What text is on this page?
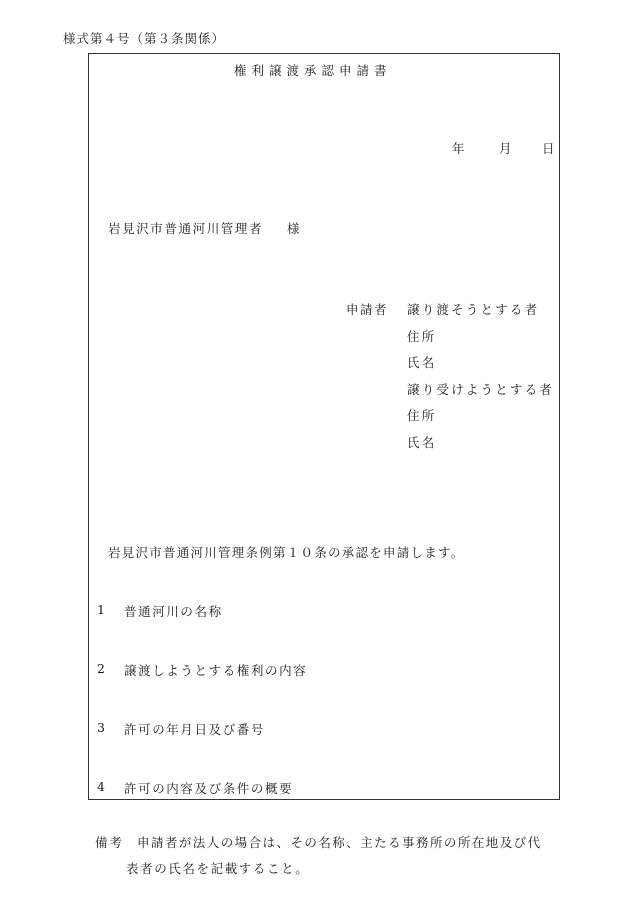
様式第４号（第３条関係）
権利譲渡承認申請書
年	月 日
岩見沢市普通河川管理者 様
申請者 譲り渡そうとする者
住所
氏名
譲り受けようとする者
住所
氏名
岩見沢市普通河川管理条例第１０条の承認を申請します。
1 普通河川の名称
2 譲渡しようとする権利の内容
3 許可の年月日及び番号
4 許可の内容及び条件の概要
備考 申請者が法人の場合は、その名称、主たる事務所の所在地及び代
表者の氏名を記載すること。
